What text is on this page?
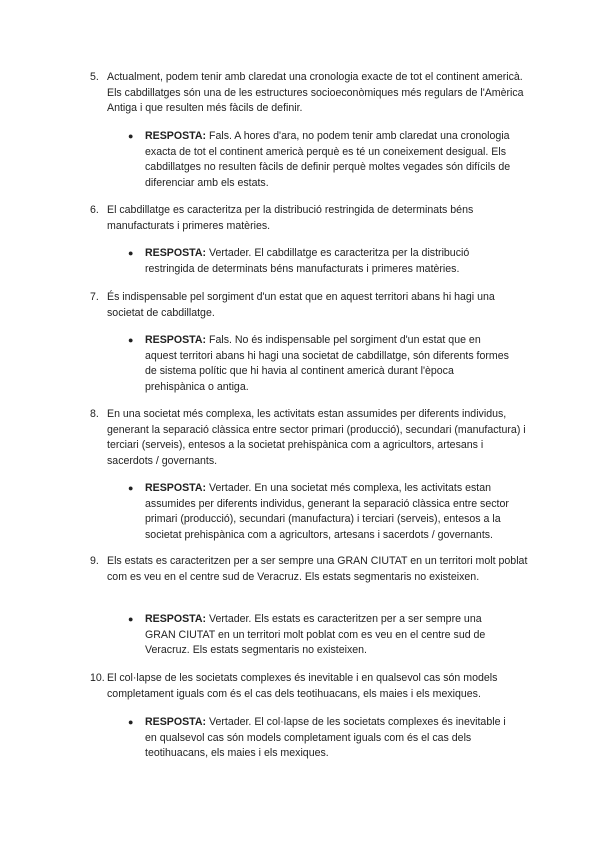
5. Actualment, podem tenir amb claredat una cronologia exacte de tot el continent americà. Els cabdillatges són una de les estructures socioeconòmiques més regulars de l'Amèrica Antiga i que resulten més fàcils de definir.
● RESPOSTA: Fals. A hores d'ara, no podem tenir amb claredat una cronologia exacta de tot el continent americà perquè es té un coneixement desigual. Els cabdillatges no resulten fàcils de definir perquè moltes vegades són difícils de diferenciar amb els estats.
6. El cabdillatge es caracteritza per la distribució restringida de determinats béns manufacturats i primeres matèries.
● RESPOSTA: Vertader. El cabdillatge es caracteritza per la distribució restringida de determinats béns manufacturats i primeres matèries.
7. És indispensable pel sorgiment d'un estat que en aquest territori abans hi hagi una societat de cabdillatge.
● RESPOSTA: Fals. No és indispensable pel sorgiment d'un estat que en aquest territori abans hi hagi una societat de cabdillatge, són diferents formes de sistema polític que hi havia al continent americà durant l'època prehispànica o antiga.
8. En una societat més complexa, les activitats estan assumides per diferents individus, generant la separació clàssica entre sector primari (producció), secundari (manufactura) i terciari (serveis), entesos a la societat prehispànica com a agricultors, artesans i sacerdots / governants.
● RESPOSTA: Vertader. En una societat més complexa, les activitats estan assumides per diferents individus, generant la separació clàssica entre sector primari (producció), secundari (manufactura) i terciari (serveis), entesos a la societat prehispànica com a agricultors, artesans i sacerdots / governants.
9. Els estats es caracteritzen per a ser sempre una GRAN CIUTAT en un territori molt poblat com es veu en el centre sud de Veracruz. Els estats segmentaris no existeixen.
● RESPOSTA: Vertader. Els estats es caracteritzen per a ser sempre una GRAN CIUTAT en un territori molt poblat com es veu en el centre sud de Veracruz. Els estats segmentaris no existeixen.
10. El col·lapse de les societats complexes és inevitable i en qualsevol cas són models completament iguals com és el cas dels teotihuacans, els maies i els mexiques.
● RESPOSTA: Vertader. El col·lapse de les societats complexes és inevitable i en qualsevol cas són models completament iguals com és el cas dels teotihuacans, els maies i els mexiques.
